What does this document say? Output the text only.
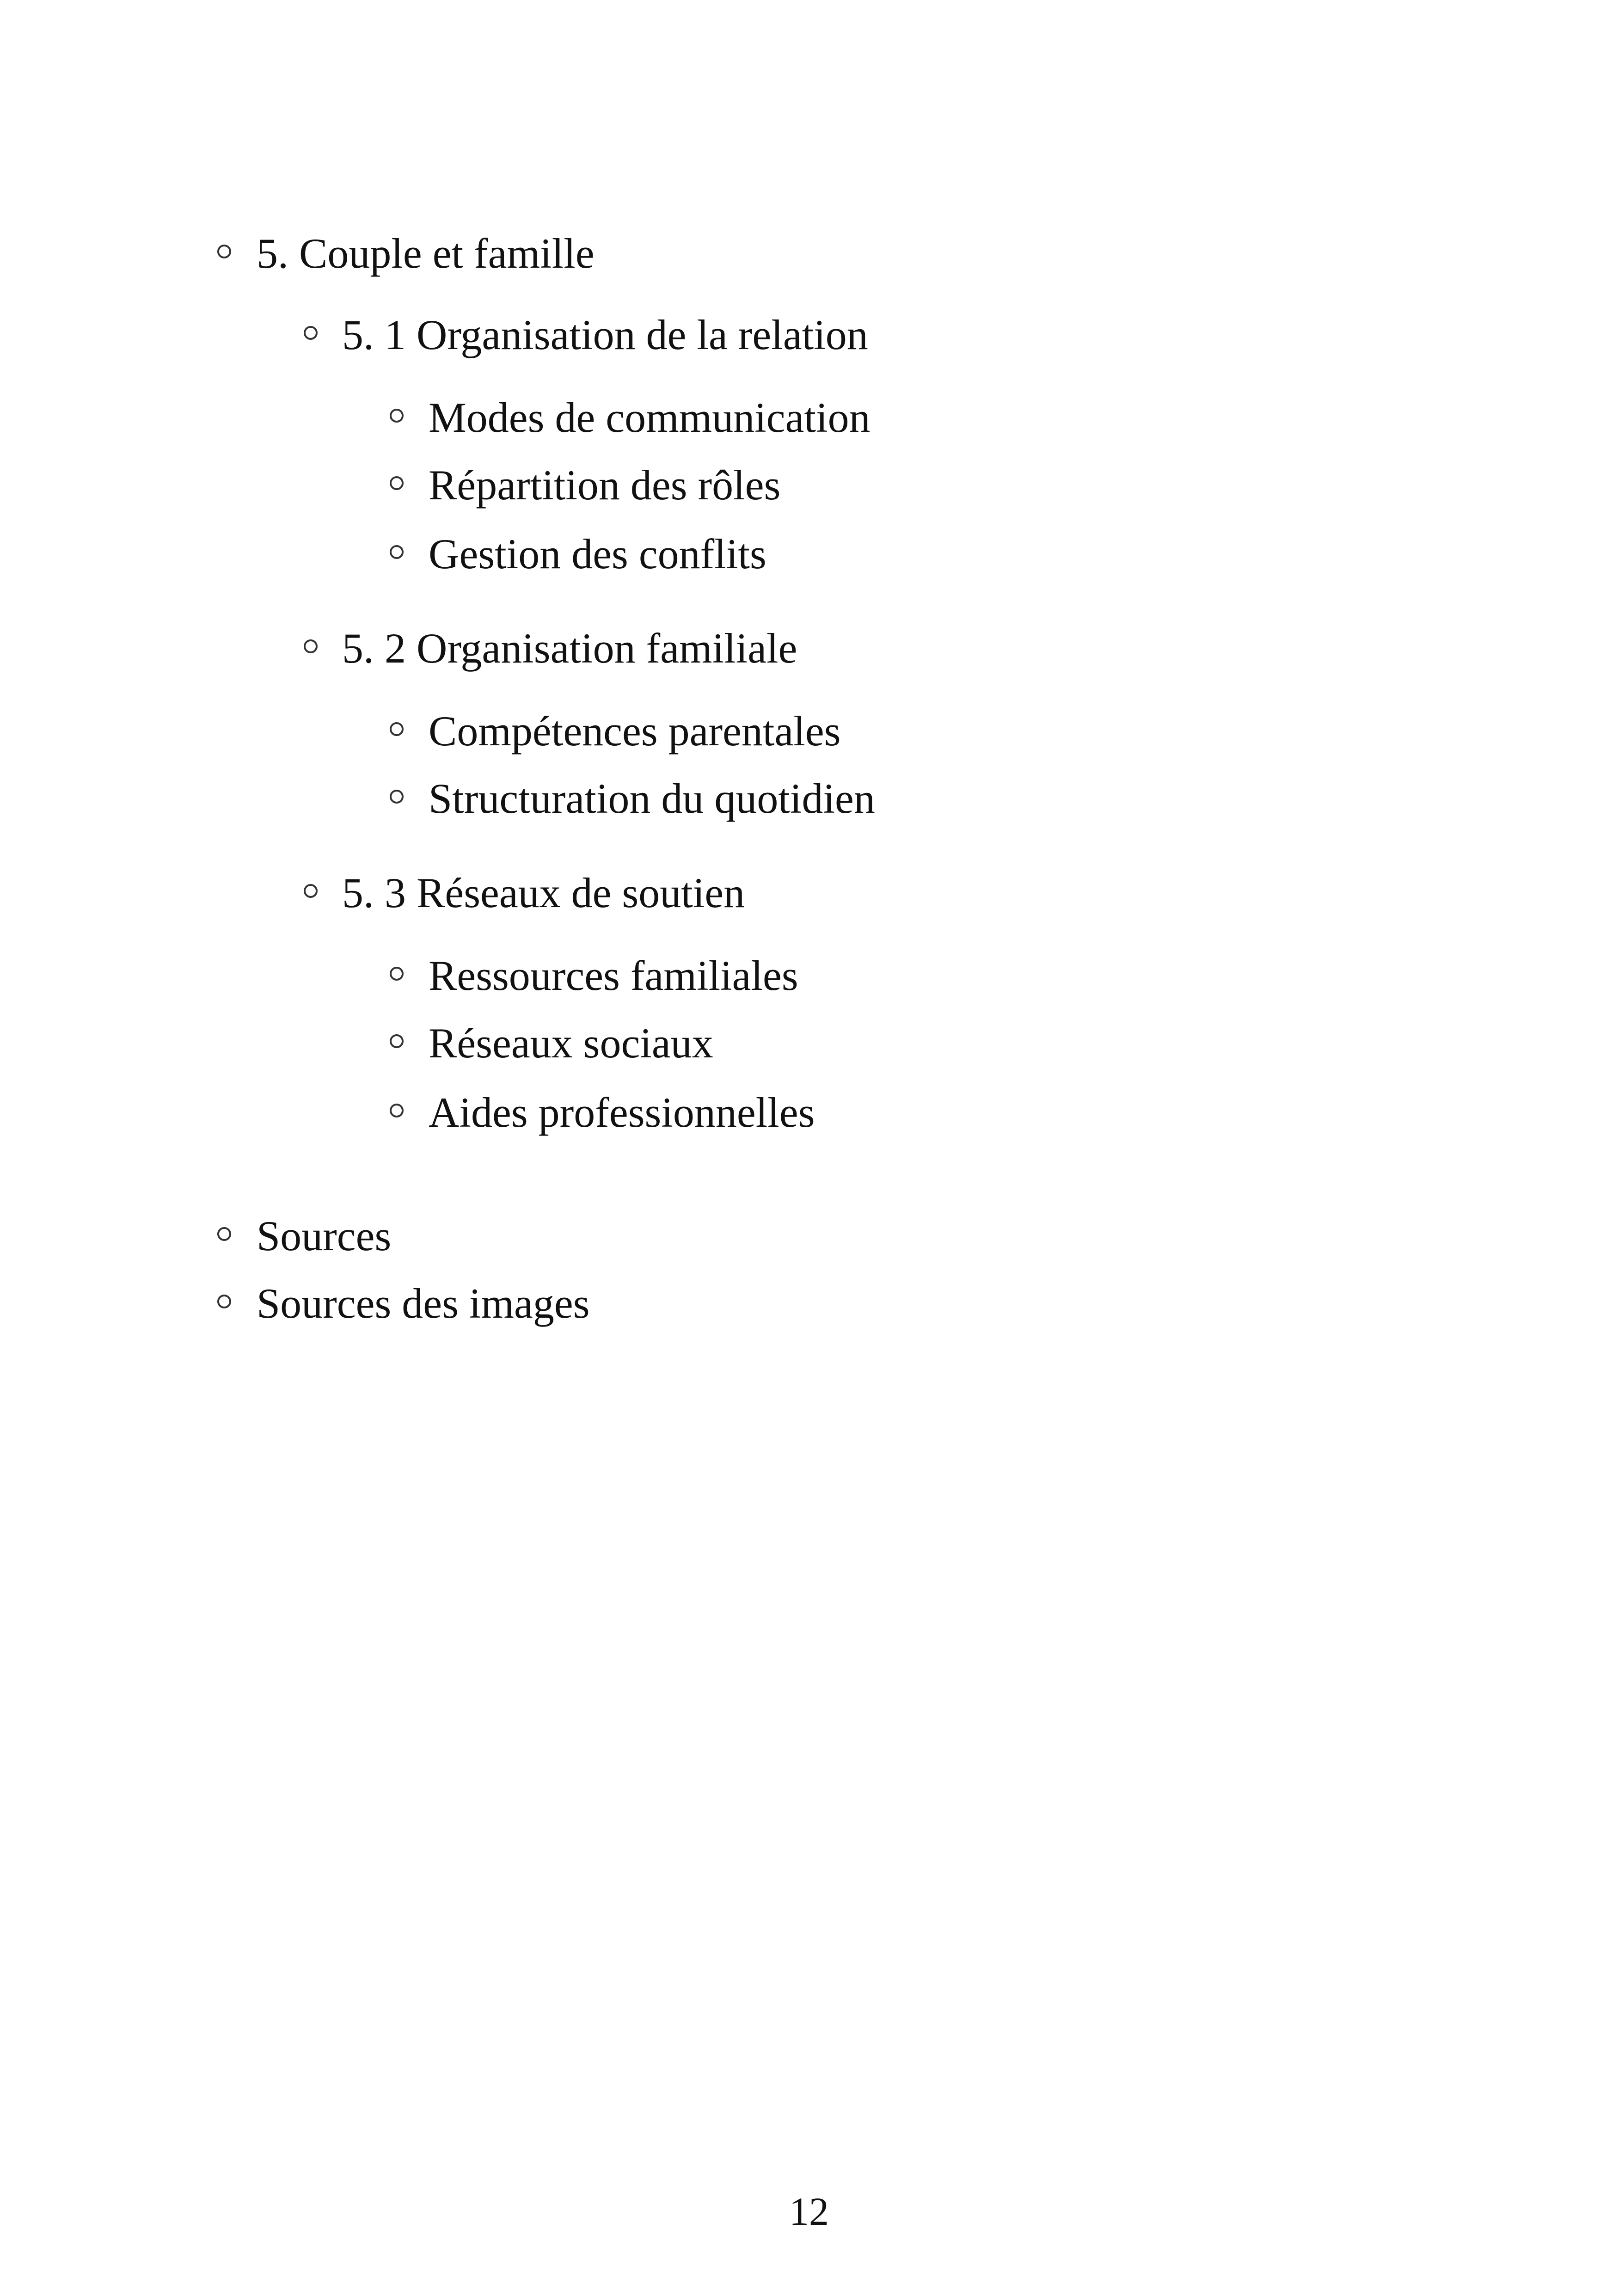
5. Couple et famille
5. 1 Organisation de la relation
Modes de communication
Répartition des rôles
Gestion des conflits
5. 2 Organisation familiale
Compétences parentales
Structuration du quotidien
5. 3 Réseaux de soutien
Ressources familiales
Réseaux sociaux
Aides professionnelles
Sources
Sources des images
12
